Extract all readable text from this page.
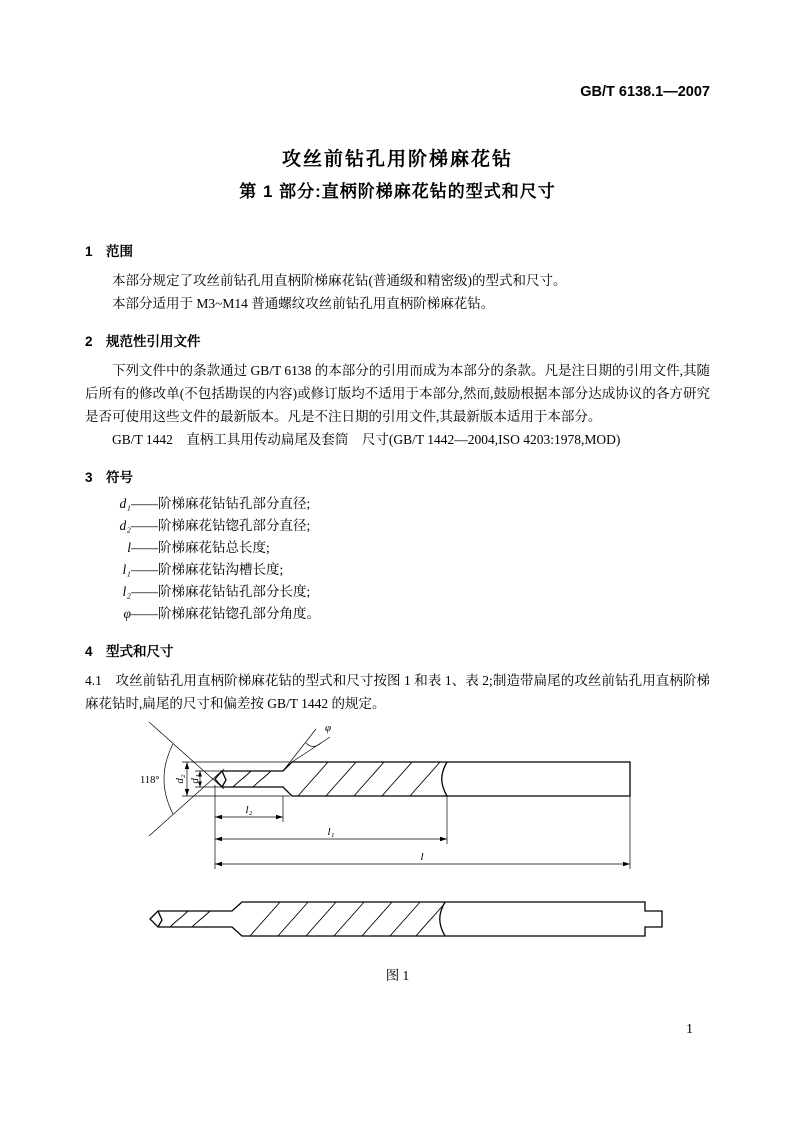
GB/T 6138.1—2007
攻丝前钻孔用阶梯麻花钻
第 1 部分:直柄阶梯麻花钻的型式和尺寸
1　范围

本部分规定了攻丝前钻孔用直柄阶梯麻花钻(普通级和精密级)的型式和尺寸。

本部分适用于 M3~M14 普通螺纹攻丝前钻孔用直柄阶梯麻花钻。

2　规范性引用文件

下列文件中的条款通过 GB/T 6138 的本部分的引用而成为本部分的条款。凡是注日期的引用文件,其随后所有的修改单(不包括勘误的内容)或修订版均不适用于本部分,然而,鼓励根据本部分达成协议的各方研究是否可使用这些文件的最新版本。凡是不注日期的引用文件,其最新版本适用于本部分。

GB/T 1442　直柄工具用传动扁尾及套筒　尺寸(GB/T 1442—2004,ISO 4203:1978,MOD)

3　符号
d₁——阶梯麻花钻钻孔部分直径;
d₂——阶梯麻花钻锪孔部分直径;
l——阶梯麻花钻总长度;
l₁——阶梯麻花钻沟槽长度;
l₂——阶梯麻花钻钻孔部分长度;
φ——阶梯麻花钻锪孔部分角度。
4　型式和尺寸

4.1　攻丝前钻孔用直柄阶梯麻花钻的型式和尺寸按图 1 和表 1、表 2;制造带扁尾的攻丝前钻孔用直柄阶梯麻花钻时,扁尾的尺寸和偏差按 GB/T 1442 的规定。

118° d₂ d₁
φ
l₂
l₁
l
图 1
1
